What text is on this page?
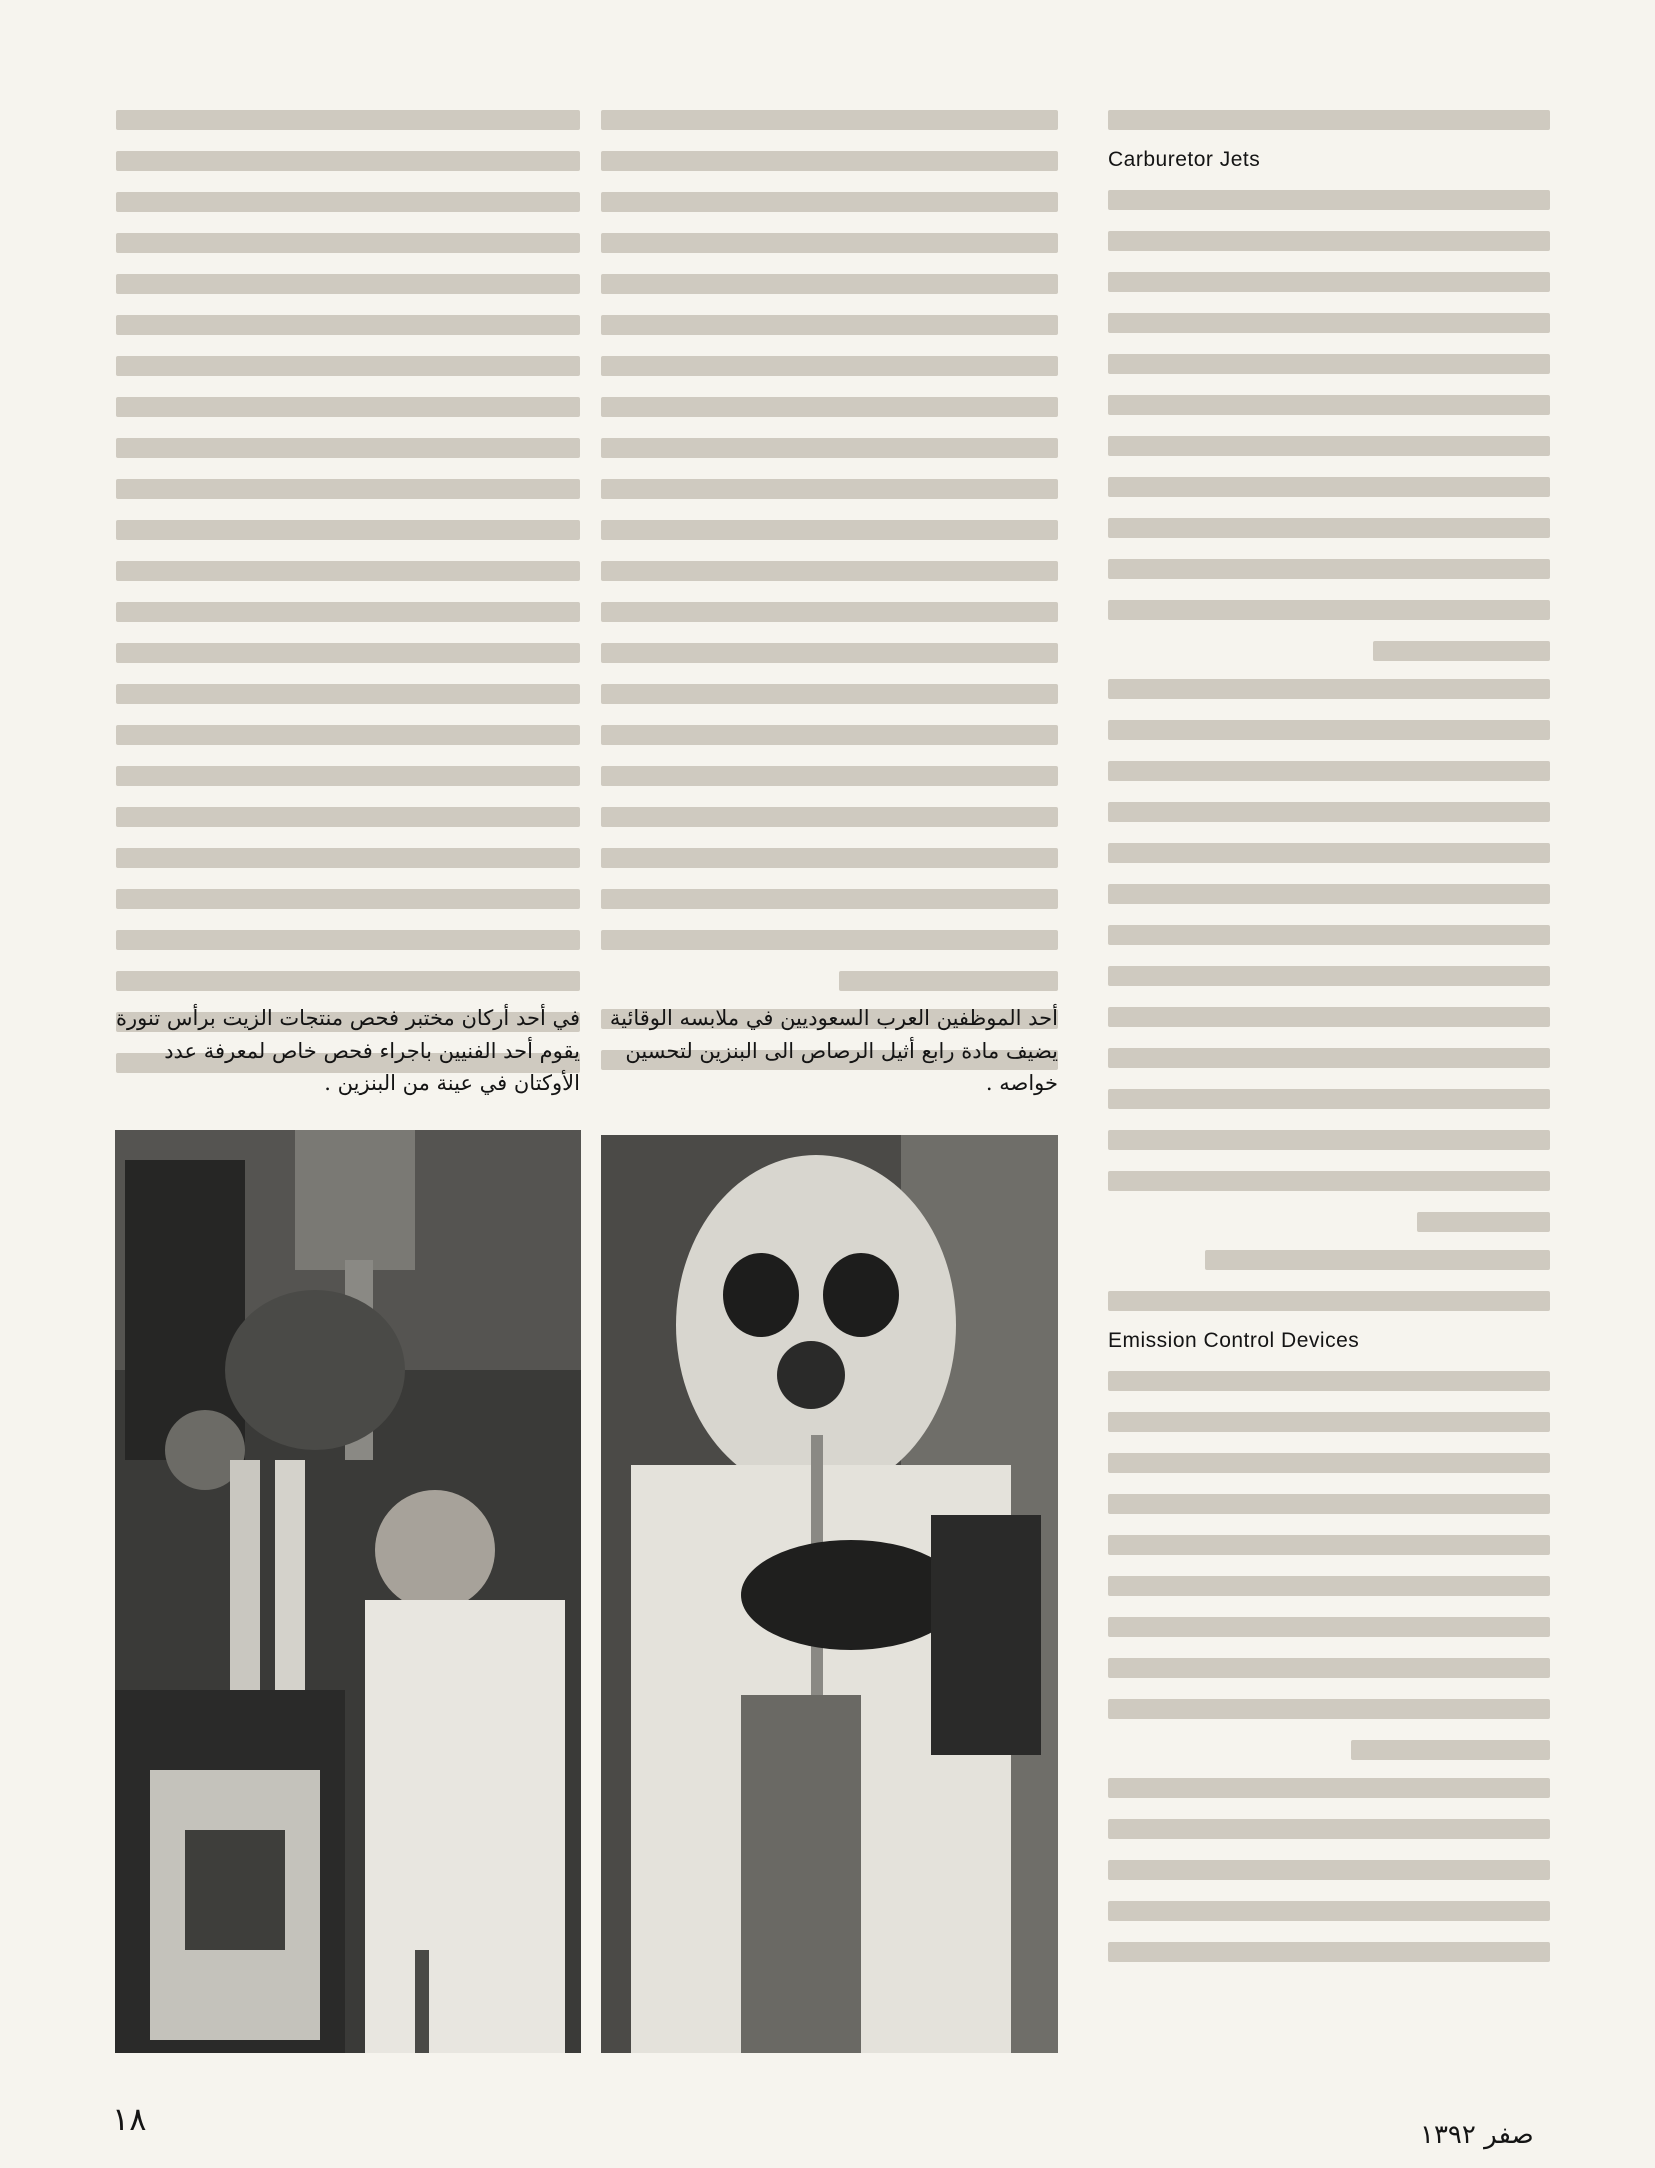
Carburetor Jets
Emission Control Devices
أحد الموظفين العرب السعوديين في ملابسه الوقائية يضيف مادة رابع أثيل الرصاص الى البنزين لتحسين خواصه .
في أحد أركان مختبر فحص منتجات الزيت برأس تنورة يقوم أحد الفنيين باجراء فحص خاص لمعرفة عدد الأوكتان في عينة من البنزين .
١٨	صفر ١٣٩٢
